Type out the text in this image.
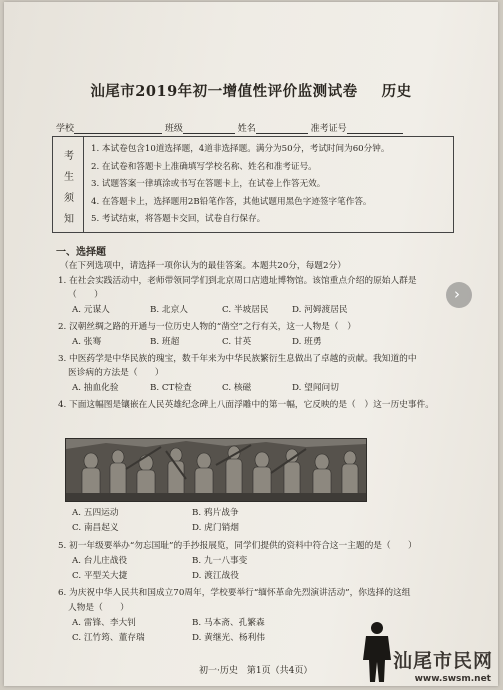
汕尾市2019年初一增值性评价监测试卷 历史
学校	班级	姓名	准考证号
考
生
须
知
1. 本试卷包含10道选择题，4道非选择题。满分为50分，考试时间为60分钟。
2. 在试卷和答题卡上准确填写学校名称、姓名和准考证号。
3. 试题答案一律填涂或书写在答题卡上，在试卷上作答无效。
4. 在答题卡上，选择题用2B铅笔作答，其他试题用黑色字迹签字笔作答。
5. 考试结束，将答题卡交回，试卷自行保存。
一、选择题
（在下列选项中，请选择一项你认为的最佳答案。本题共20分，每题2分）
1. 在社会实践活动中，老师带领同学们到北京周口店遗址博物馆。该馆重点介绍的原始人群是
（　　）
A. 元谋人	B. 北京人	C. 半坡居民	D. 河姆渡居民
2. 汉朝丝绸之路的开通与一位历史人物的“凿空”之行有关，这一人物是（　）
A. 张骞	B. 班超	C. 甘英	D. 班勇
3. 中医药学是中华民族的瑰宝，数千年来为中华民族繁衍生息做出了卓越的贡献。我知道的中
医诊病的方法是（　　）
A. 抽血化验	B. CT检查	C. 核磁	D. 望闻问切
4. 下面这幅图是镶嵌在人民英雄纪念碑上八面浮雕中的第一幅，它反映的是（　）这一历史事件。
A. 五四运动	B. 鸦片战争
C. 南昌起义	D. 虎门销烟
5. 初一年级要举办“勿忘国耻”的手抄报展览，同学们提供的资料中符合这一主题的是（　　）
A. 台儿庄战役	B. 九一八事变
C. 平型关大捷	D. 渡江战役
6. 为庆祝中华人民共和国成立70周年，学校要举行“缅怀革命先烈演讲活动”，你选择的这组
人物是（　　）
A. 雷锋、李大钊	B. 马本斋、孔繁森
C. 江竹筠、董存瑞	D. 黄继光、杨利伟
初一·历史　第1页（共4页）
›
汕尾市民网
www.swsm.net
